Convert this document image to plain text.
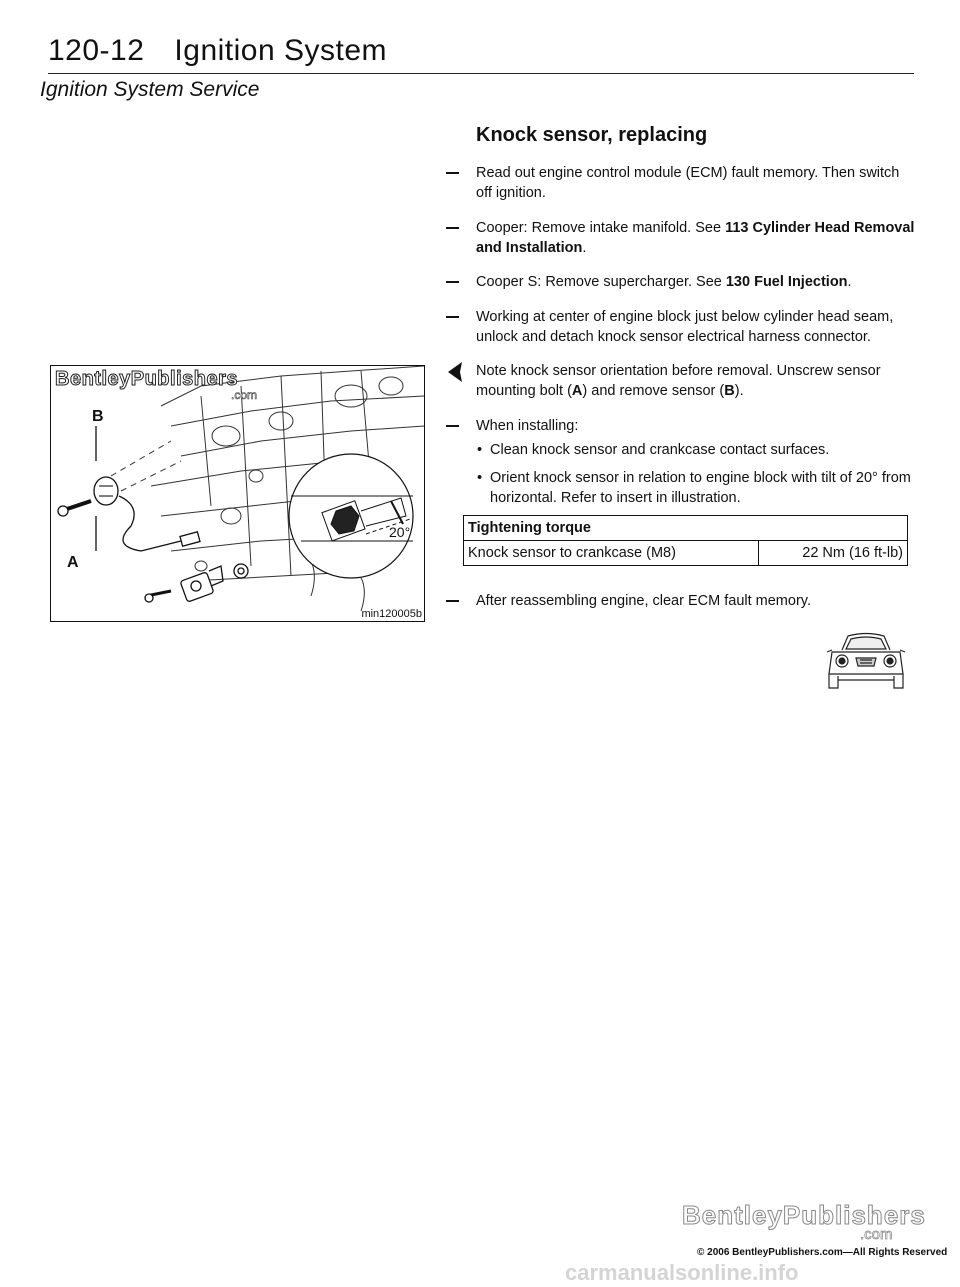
120-12 Ignition System
Ignition System Service
Knock sensor, replacing
Read out engine control module (ECM) fault memory. Then switch off ignition.
Cooper: Remove intake manifold. See 113 Cylinder Head Removal and Installation.
Cooper S: Remove supercharger. See 130 Fuel Injection.
Working at center of engine block just below cylinder head seam, unlock and detach knock sensor electrical harness connector.
Note knock sensor orientation before removal. Unscrew sensor mounting bolt (A) and remove sensor (B).
When installing:
• Clean knock sensor and crankcase contact surfaces.
• Orient knock sensor in relation to engine block with tilt of 20° from horizontal. Refer to insert in illustration.
Tightening torque
Knock sensor to crankcase (M8)	22 Nm (16 ft-lb)
After reassembling engine, clear ECM fault memory.
BentleyPublishers
.com
B
A
20°
min120005b
BentleyPublishers
.com
© 2006 BentleyPublishers.com—All Rights Reserved
carmanualsonline.info
